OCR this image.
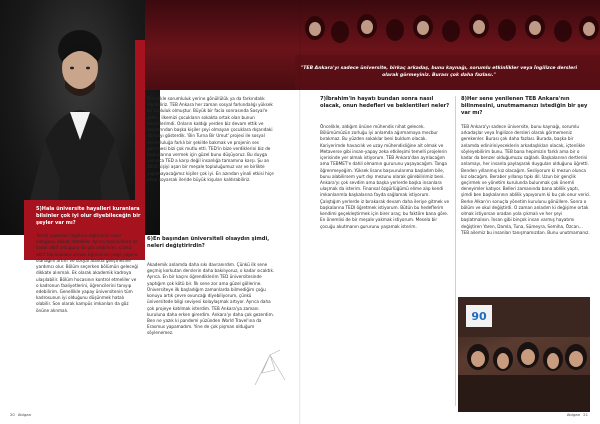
5)Hala üniversite hayalleri kuranlara bilsinler çok iyi olur diyebileceğin bir şeyler var mı?
Tercih yaparken İngilizce eğitiminin nasıl olduğunu dikkat etmeliler. Ayrıca topluluklara ne kadar aktif olduğuna da göz atabilirler, çünkü aktif topluluklara olması öğrencinin proje yapma olanağını artırır ve sosyal alanda gelişmesine yardımcı olur. Bölüm seçerken bölümün geleceği dikkate alınmalı. Ek olarak akademik kadroya ulaşılabilir. Bölüm hocasının kontrol etmeliler ve o kadronun faaliyetlerini, öğrencilerini tanıyıp edebilirim. Genellikle yapay üniversitenin tüm kadrosunun iyi olduğunu düşünmek hatalı olabilir. Son olarak kampüs imkanları da göz önüne alınmalı.
Öncelikle sorumluluk yerine gönüllülük ya da farkındalık diyebiliriz. TEB Ankara her zaman sosyal farkındalığı yüksek bir topluluk olmuştur. Büyük bir facia sonrasında Sosyal'e giden, ilkemizi çocukların sokakta ortak olan bunun büyüklerimdi. Onların kaldığı yerden biz devam ettik ve okullarından başka kişiler şeyi olmayan çocuklara dışarıdaki dünyayı gösterdik. 'Bin Turna Bir Umut' projesi ile sosyal sorumluluğa farklı bir şekilde bakmak ve projenin ses getirmesi bizi çok mutlu etti. TED'in bize verdiklerini biz de başkalarına vermek için güzel bunu düşüyoruz. Bu duyga yalnızca TED a karşı değil insanlığa tamamına karşı. Şu an 3000 kişiyi aşan bir meşale topluluğumuz var ve birlikte yaşamayacağımız kişiler çok iyi. En azından yinali etkisi hiçe olma koyarsak ileride büyük kişuları kaldırabiliriz.
6)En başından üniversiteli olsaydın şimdi, neleri değiştirirdin?
Akademik anlamda daha sıkı davranırdım. Çünkü ilk sene geçmiş korkutan derslerin daha bakılıyoruz, o kadar sıcaktık. Ayrıca. En bir kaçını öğrendiklerim TED üniversitesinde yaptığım çok kötü bir. İlk sene zor ama güzel göllerine. Üniversiteye ilk başladığım zamanlarda bilmediğim çoğu konuyu artık çevre ovuncağı diyebiliyorum, çünkü üniversitede bilgi seviyesi kolaylaşmak artıyor. Ayrıca daha çok projeye katılmak isterdim. TEB Ankara'ya zamanı kuruluna daha erken girerdim. Ankara'yı daha çok gezerdim. Ben ne yazık ki pandemi yüzünden World Travel'ına da Erasmus yapamadım. Yine de çok pişman olduğum söylenemez.
20 Atılgan
"TEB Ankara'yı sadece üniversite, birkaç arkadaş, bunu kaynağı, sorumlu etkinlikler veya İngilizce dersleri olarak görmeyiniz. Burası çok daha fazlası."
7)İbrahim'in hayatı bundan sonra nasıl olacak, onun hedefleri ve beklentileri neler?
Öncelikle, aldığım önüne mühendis nihat gelecek. Bölümümüzün zorluğu iyi anlamda ağırmamaya mecbur bırakmaz. Bu yüzden sokaklar beni buldum olacak. Kariyerimde havacılık ve uzay mühendisliğine ait olmak ve Metaverse gibi insan-yapay zeka etkileşimi temelli projelerin içerisinde yer almak istiyorum. TEB Ankara'dan ayrılacağım ama TEBMET'e dahil olmamın gururunu yaşayacağım. Tanga öğrenmeyeğim. Yüksek lisans başvurularıma başladım bile, bunu alabilirsem yurt dışı mezunu olarak görebilirimiz beni. Ankara'yı çok sevdim ama başka yerlerde başka insanlara ulaşmak da isterim. Finansal özgürlüğümü elime alıp kendi imkanlarımla başkalarına fayda sağlamak istiyorum. Çalıştığım yerlerde iz bırakarak devam daha ileriye gitmek ve başkalarına TEDI öğretmek istiyorum. Bütün bu hedeflerim kendimi geçekleştirmek için birer araç; bu faktöre bana göre. En önemlisi de bir meşale yakmak istiyorum. Mesela bir çocuğu akutmanın gururunu yaşamak isterim.
8)Her sene yenilenen TEB Ankara'nın bilinmesini, unutmamanızı istediğin bir şey var mı?
TEB Ankara'yı sadece üniversite, bunu kaynağı, sorumlu arkadaşlar veya İngilizce dersleri olarak görmemeniz gerekenler. Burası çok daha fazlası. Burada, başka bir anlamda ediniriniyeceklerin arkadaşlıkları olacak, içtenlikle söyleyebilirim bunu. TEB bana hepimizin farklı ama bir o kadar da benzer olduğumuzu sağladı. Başkalarının dertlerini anlamayı, her insanla paylaşarak duyguları olduğunu öğretti. Benden yıllanmış kız olacağım. Sesliyorum ki mezun olunca kız olacağım. Beraber yıllanıp tıpkı dil. Uzun bir gençlik geçirmek ve yönetim kurulunda bulunmak çok önemli deneyimler katıyor. Belleri zamanında bana ablilik yaptı, şimdi ben başkalarının ablilik yapıyorum ki bu çok onur verici. Berke Alkan'ın sonuçla yönetim kurulunu gönüllere. Sonra o bölüm ve okul değiştirdi. O zaman anladım ki değişime ortak olmak istiyorsan oradan yola çıkmalı ve her şeyi başlatmalısın. İnsan gibi binçok insan varmış hayatımı değiştiren Yaren, Damla, Tuna, Sümeyra, Semiha, Özcan... TEB ailemiz bu insanları tanışmamızdan. Bunu unutmamanız.
90
Atılgan 21
